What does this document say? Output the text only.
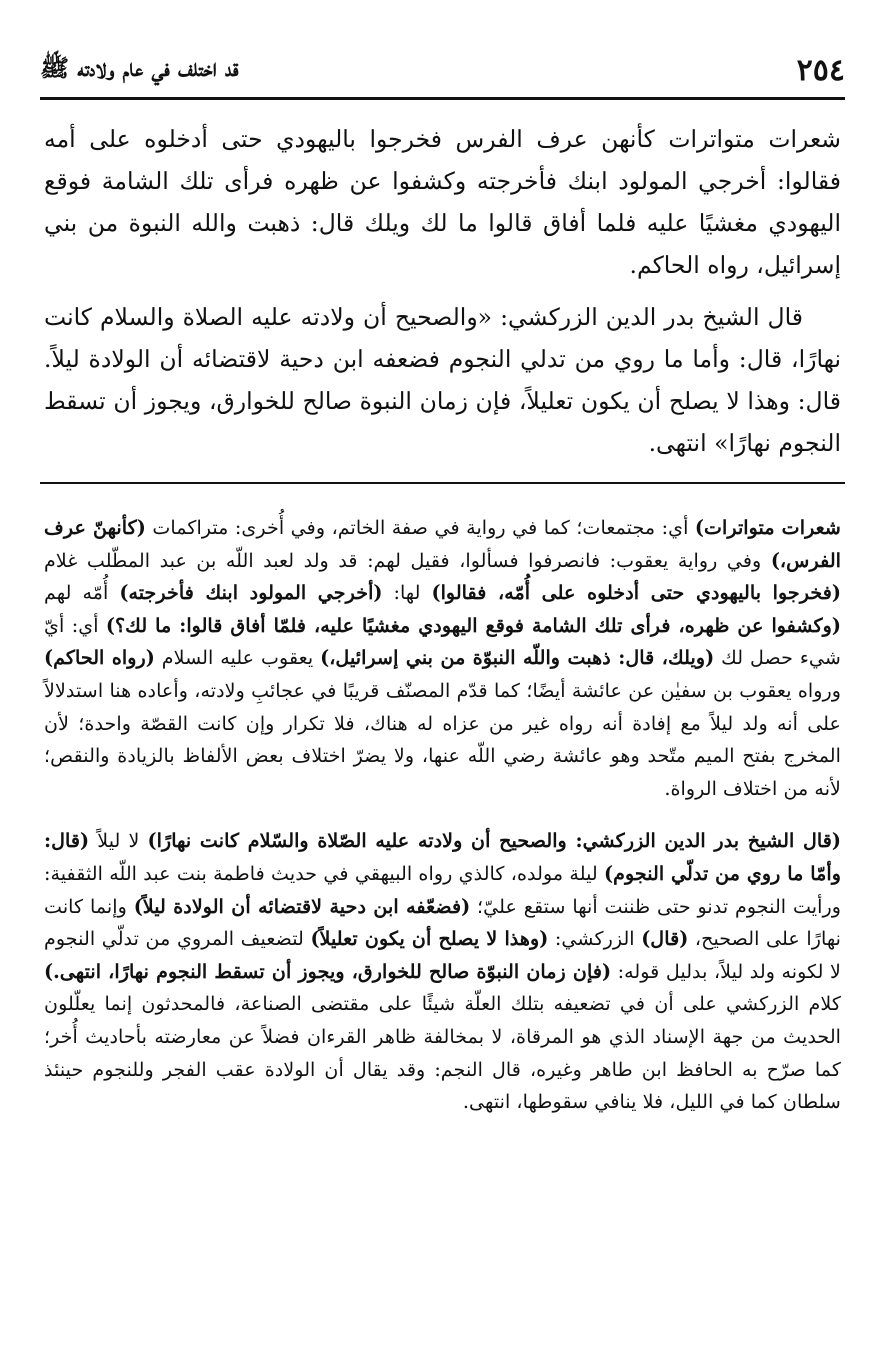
٢٥٤
قد اختلف في عام ولادته ﷺ

شعرات متواترات كأنهن عرف الفرس فخرجوا باليهودي حتى أدخلوه على أمه فقالوا: أخرجي المولود ابنك فأخرجته وكشفوا عن ظهره فرأى تلك الشامة فوقع اليهودي مغشيًا عليه فلما أفاق قالوا ما لك ويلك قال: ذهبت والله النبوة من بني إسرائيل، رواه الحاكم.

قال الشيخ بدر الدين الزركشي: «والصحيح أن ولادته عليه الصلاة والسلام كانت نهارًا، قال: وأما ما روي من تدلي النجوم فضعفه ابن دحية لاقتضائه أن الولادة ليلاً. قال: وهذا لا يصلح أن يكون تعليلاً، فإن زمان النبوة صالح للخوارق، ويجوز أن تسقط النجوم نهارًا» انتهى.

شعرات متواترات) أي: مجتمعات؛ كما في رواية في صفة الخاتم، وفي أُخرى: متراكمات (كأنهنّ عرف الفرس،) وفي رواية يعقوب: فانصرفوا فسألوا، فقيل لهم: قد ولد لعبد اللّه بن عبد المطّلب غلام (فخرجوا باليهودي حتى أدخلوه على أُمّه، فقالوا) لها: (أخرجي المولود ابنك فأخرجته) أُمّه لهم (وكشفوا عن ظهره، فرأى تلك الشامة فوقع اليهودي مغشيًا عليه، فلمّا أفاق قالوا: ما لك؟) أي: أيّ شيء حصل لك (ويلك، قال: ذهبت واللّه النبوّة من بني إسرائيل،) يعقوب عليه السلام (رواه الحاكم) ورواه يعقوب بن سفيٰن عن عائشة أيضًا؛ كما قدّم المصنّف قريبًا في عجائبِ ولادته، وأعاده هنا استدلالاً على أنه ولد ليلاً مع إفادة أنه رواه غير من عزاه له هناك، فلا تكرار وإن كانت القصّة واحدة؛ لأن المخرج بفتح الميم متّحد وهو عائشة رضي اللّه عنها، ولا يضرّ اختلاف بعض الألفاظ بالزيادة والنقص؛ لأنه من اختلاف الرواة.

(قال الشيخ بدر الدين الزركشي: والصحيح أن ولادته عليه الصّلاة والسّلام كانت نهارًا) لا ليلاً (قال: وأمّا ما روي من تدلّي النجوم) ليلة مولده، كالذي رواه البيهقي في حديث فاطمة بنت عبد اللّه الثقفية: ورأيت النجوم تدنو حتى ظننت أنها ستقع عليّ؛ (فضعّفه ابن دحية لاقتضائه أن الولادة ليلاً) وإنما كانت نهارًا على الصحيح، (قال) الزركشي: (وهذا لا يصلح أن يكون تعليلاً) لتضعيف المروي من تدلّي النجوم لا لكونه ولد ليلاً، بدليل قوله: (فإن زمان النبوّة صالح للخوارق، ويجوز أن تسقط النجوم نهارًا، انتهى.) كلام الزركشي على أن في تضعيفه بتلك العلّة شيئًا على مقتضى الصناعة، فالمحدثون إنما يعلّلون الحديث من جهة الإسناد الذي هو المرقاة، لا بمخالفة ظاهر القرءان فضلاً عن معارضته بأحاديث أُخر؛ كما صرّح به الحافظ ابن طاهر وغيره، قال النجم: وقد يقال أن الولادة عقب الفجر وللنجوم حينئذ سلطان كما في الليل، فلا ينافي سقوطها، انتهى.
